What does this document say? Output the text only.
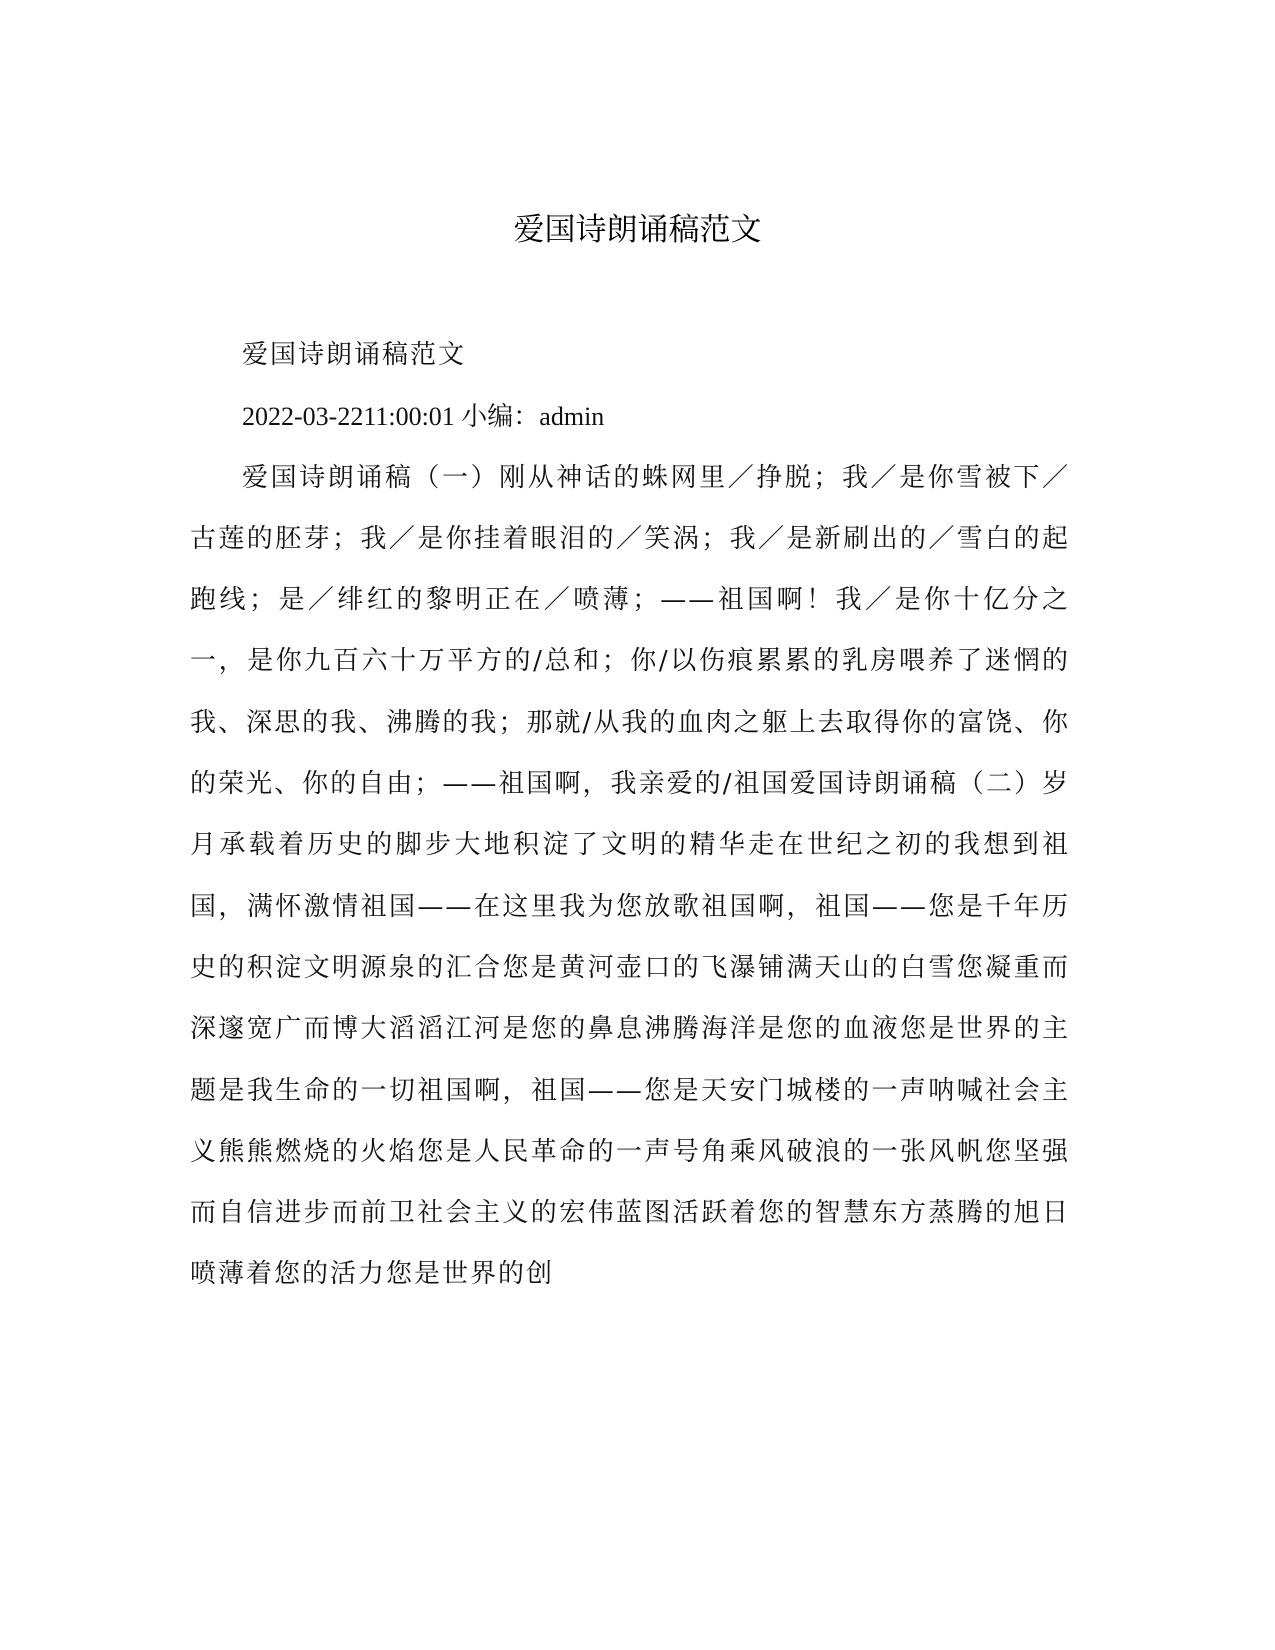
爱国诗朗诵稿范文

爱国诗朗诵稿范文

2022-03-2211:00:01 小编：admin

爱国诗朗诵稿（一）刚从神话的蛛网里／挣脱；我／是你雪被下／古莲的胚芽；我／是你挂着眼泪的／笑涡；我／是新刷出的／雪白的起跑线；是／绯红的黎明正在／喷薄；——祖国啊！我／是你十亿分之一，是你九百六十万平方的/总和；你/以伤痕累累的乳房喂养了迷惘的我、深思的我、沸腾的我；那就/从我的血肉之躯上去取得你的富饶、你的荣光、你的自由；——祖国啊，我亲爱的/祖国爱国诗朗诵稿（二）岁月承载着历史的脚步大地积淀了文明的精华走在世纪之初的我想到祖国，满怀激情祖国——在这里我为您放歌祖国啊，祖国——您是千年历史的积淀文明源泉的汇合您是黄河壶口的飞瀑铺满天山的白雪您凝重而深邃宽广而博大滔滔江河是您的鼻息沸腾海洋是您的血液您是世界的主题是我生命的一切祖国啊，祖国——您是天安门城楼的一声呐喊社会主义熊熊燃烧的火焰您是人民革命的一声号角乘风破浪的一张风帆您坚强而自信进步而前卫社会主义的宏伟蓝图活跃着您的智慧东方蒸腾的旭日喷薄着您的活力您是世界的创
